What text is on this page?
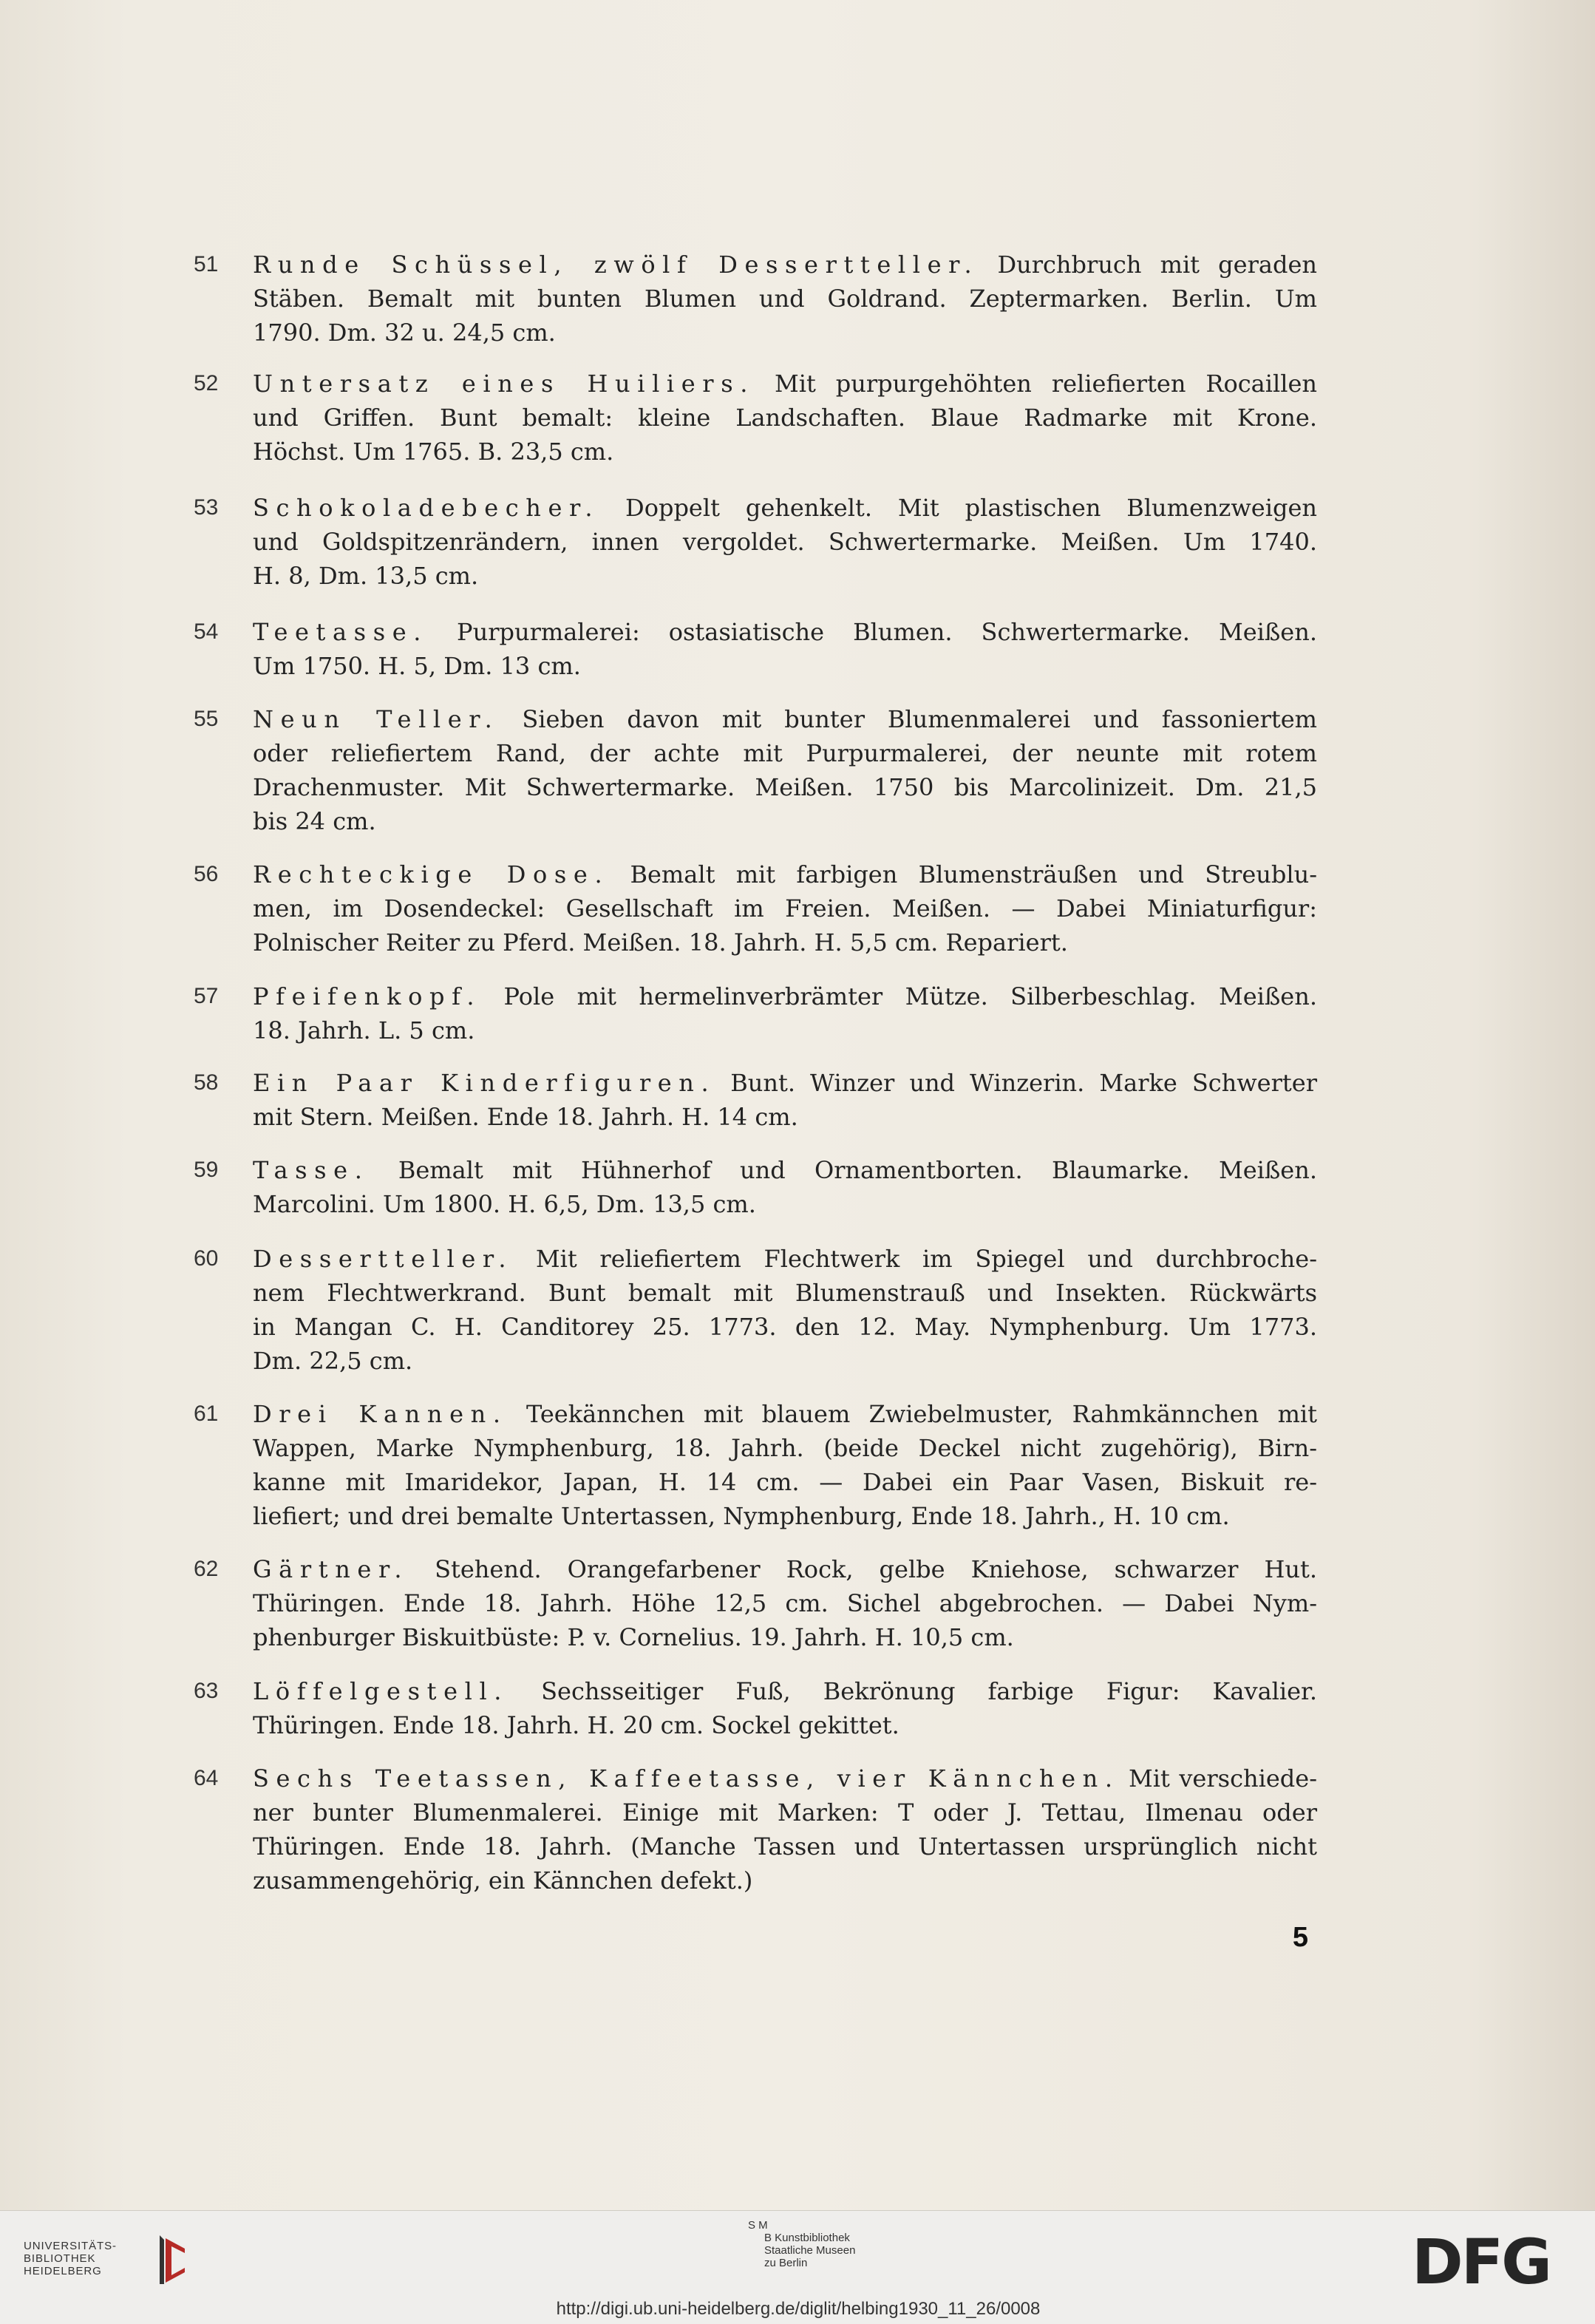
51	Runde Schüssel, zwölf Dessertteller. Durchbruch mit geraden
Stäben. Bemalt mit bunten Blumen und Goldrand. Zeptermarken. Berlin. Um
1790. Dm. 32 u. 24,5 cm.
52	Untersatz eines Huiliers. Mit purpurgehöhten reliefierten Rocaillen
und Griffen. Bunt bemalt: kleine Landschaften. Blaue Radmarke mit Krone.
Höchst. Um 1765. B. 23,5 cm.
53	Schokoladebecher. Doppelt gehenkelt. Mit plastischen Blumenzweigen
und Goldspitzenrändern, innen vergoldet. Schwertermarke. Meißen. Um 1740.
H. 8, Dm. 13,5 cm.
54	Teetasse. Purpurmalerei: ostasiatische Blumen. Schwertermarke. Meißen.
Um 1750. H. 5, Dm. 13 cm.
55	Neun Teller. Sieben davon mit bunter Blumenmalerei und fassoniertem
oder reliefiertem Rand, der achte mit Purpurmalerei, der neunte mit rotem
Drachenmuster. Mit Schwertermarke. Meißen. 1750 bis Marcolinizeit. Dm. 21,5
bis 24 cm.
56	Rechteckige Dose. Bemalt mit farbigen Blumensträußen und Streublu-
men, im Dosendeckel: Gesellschaft im Freien. Meißen. — Dabei Miniaturfigur:
Polnischer Reiter zu Pferd. Meißen. 18. Jahrh. H. 5,5 cm. Repariert.
57	Pfeifenkopf. Pole mit hermelinverbrämter Mütze. Silberbeschlag. Meißen.
18. Jahrh. L. 5 cm.
58	Ein Paar Kinderfiguren. Bunt. Winzer und Winzerin. Marke Schwerter
mit Stern. Meißen. Ende 18. Jahrh. H. 14 cm.
59	Tasse. Bemalt mit Hühnerhof und Ornamentborten. Blaumarke. Meißen.
Marcolini. Um 1800. H. 6,5, Dm. 13,5 cm.
60	Dessertteller. Mit reliefiertem Flechtwerk im Spiegel und durchbroche-
nem Flechtwerkrand. Bunt bemalt mit Blumenstrauß und Insekten. Rückwärts
in Mangan C. H. Canditorey 25. 1773. den 12. May. Nymphenburg. Um 1773.
Dm. 22,5 cm.
61	Drei Kannen. Teekännchen mit blauem Zwiebelmuster, Rahmkännchen mit
Wappen, Marke Nymphenburg, 18. Jahrh. (beide Deckel nicht zugehörig), Birn-
kanne mit Imaridekor, Japan, H. 14 cm. — Dabei ein Paar Vasen, Biskuit re-
liefiert; und drei bemalte Untertassen, Nymphenburg, Ende 18. Jahrh., H. 10 cm.
62	Gärtner. Stehend. Orangefarbener Rock, gelbe Kniehose, schwarzer Hut.
Thüringen. Ende 18. Jahrh. Höhe 12,5 cm. Sichel abgebrochen. — Dabei Nym-
phenburger Biskuitbüste: P. v. Cornelius. 19. Jahrh. H. 10,5 cm.
63	Löffelgestell. Sechsseitiger Fuß, Bekrönung farbige Figur: Kavalier.
Thüringen. Ende 18. Jahrh. H. 20 cm. Sockel gekittet.
64	Sechs Teetassen, Kaffeetasse, vier Kännchen. Mit verschiede-
ner bunter Blumenmalerei. Einige mit Marken: T oder J. Tettau, Ilmenau oder
Thüringen. Ende 18. Jahrh. (Manche Tassen und Untertassen ursprünglich nicht
zusammengehörig, ein Kännchen defekt.)
5
UNIVERSITÄTS-
BIBLIOTHEK
HEIDELBERG
S M
B Kunstbibliothek
Staatliche Museen
zu Berlin	DFG
http://digi.ub.uni-heidelberg.de/diglit/helbing1930_11_26/0008
